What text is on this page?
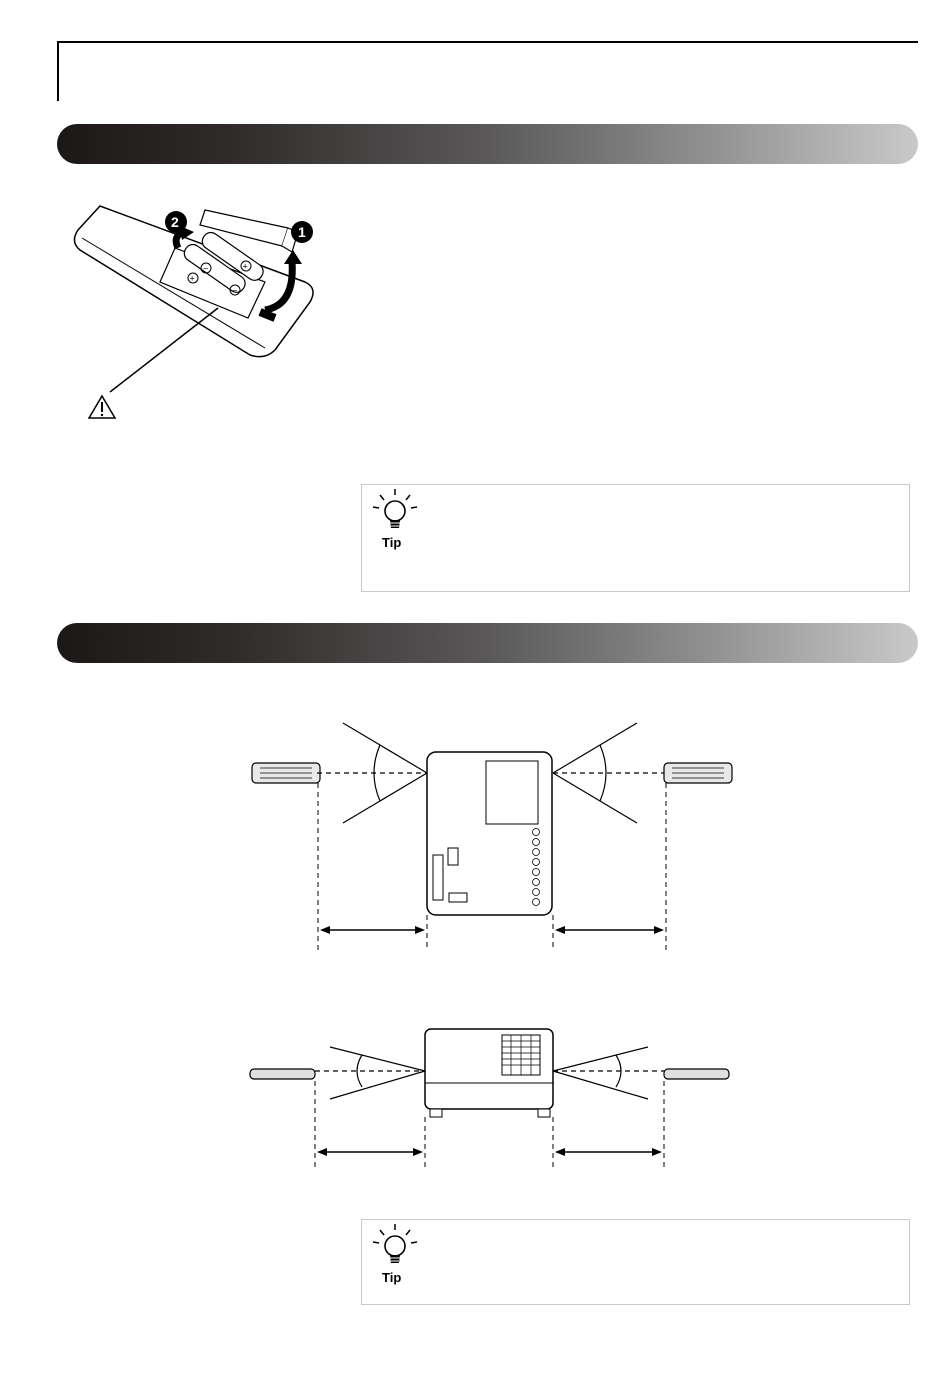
+
−
−
+
2
1
Tip
Tip
